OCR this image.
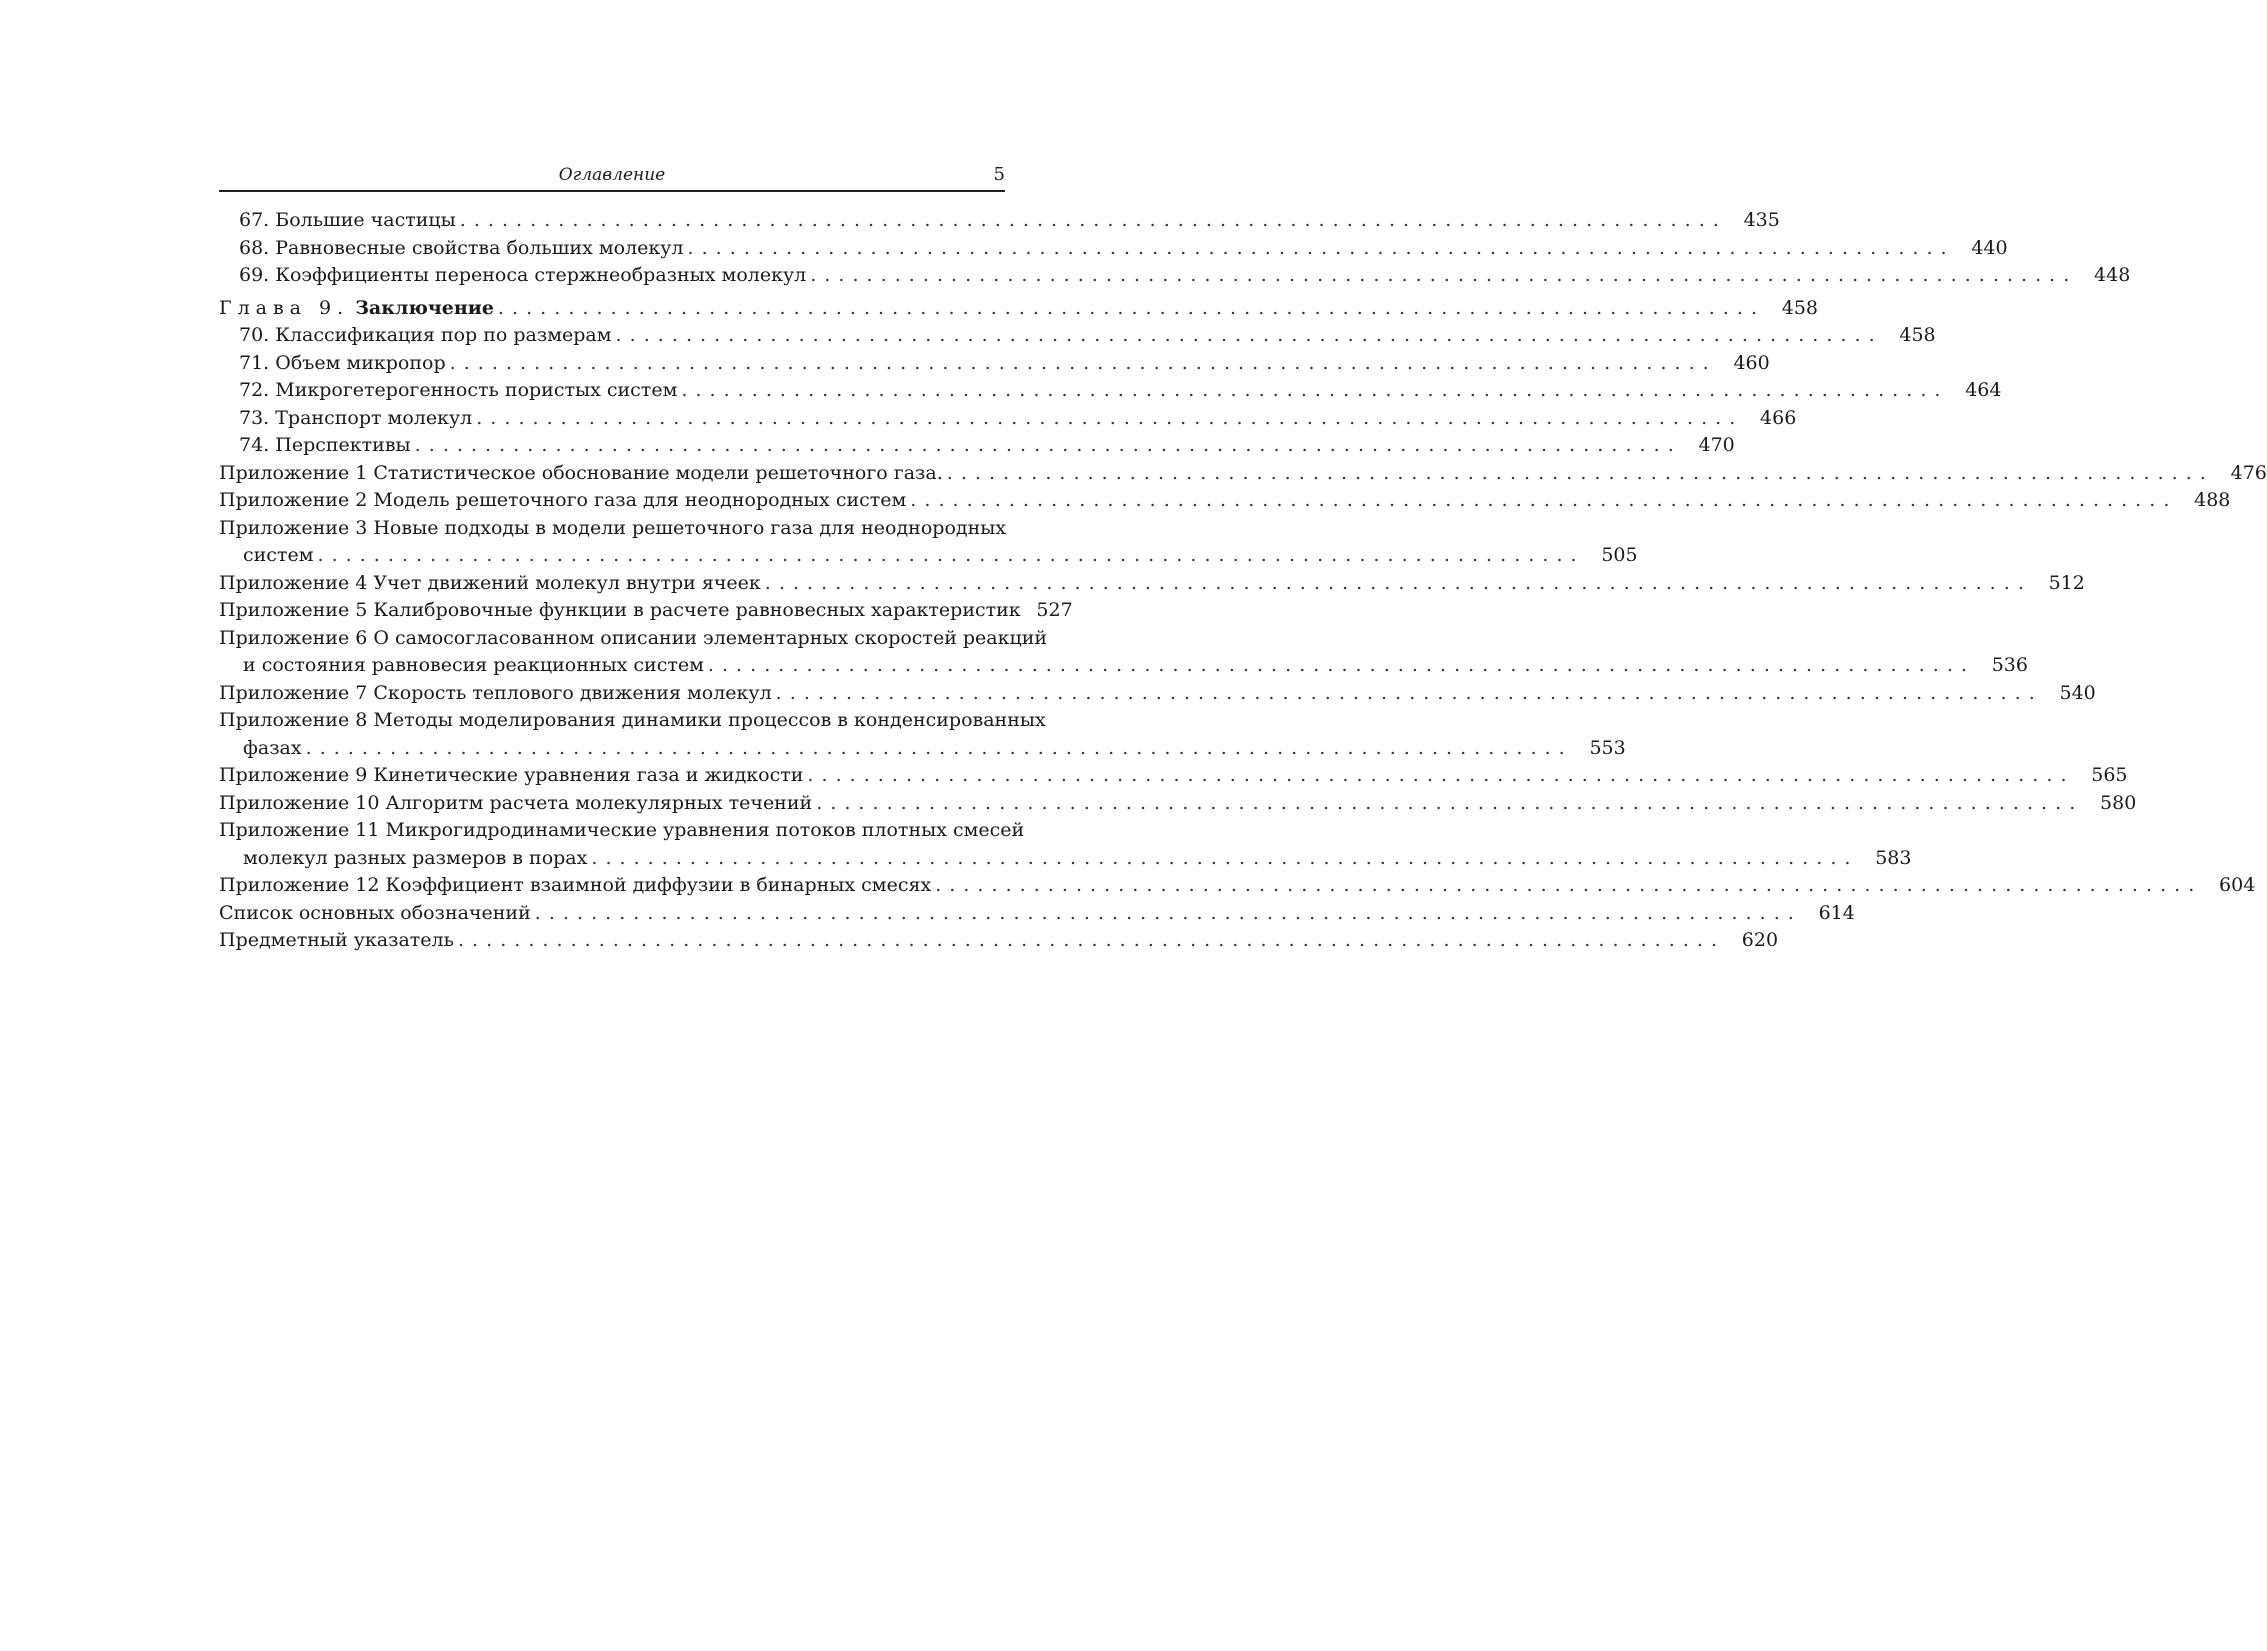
Оглавление	5
67. Большие частицы . . . . . . . . . . . . . . . . . . . . . . . . . . . . . . . . . . . . . . . . . . . . . . . . . . . . . . . . . . . . . . . . . . . . . . . . . . . . . . . . . . . . . . . . . .	435
68. Равновесные свойства больших молекул . . . . . . . . . . . . . . . . . . . . . . . . . . . . . . . . . . . . . . . . . . . . . . . . . . . . . . . . . . . . . . . . . . . . . . . . . . . . . . . . . . . . . . . . . .	440
69. Коэффициенты переноса стержнеобразных молекул . . . . . . . . . . . . . . . . . . . . . . . . . . . . . . . . . . . . . . . . . . . . . . . . . . . . . . . . . . . . . . . . . . . . . . . . . . . . . . . . . . . . . . . . . .	448
Глава 9. Заключение . . . . . . . . . . . . . . . . . . . . . . . . . . . . . . . . . . . . . . . . . . . . . . . . . . . . . . . . . . . . . . . . . . . . . . . . . . . . . . . . . . . . . . . . . .	458
70. Классификация пор по размерам . . . . . . . . . . . . . . . . . . . . . . . . . . . . . . . . . . . . . . . . . . . . . . . . . . . . . . . . . . . . . . . . . . . . . . . . . . . . . . . . . . . . . . . . . .	458
71. Объем микропор . . . . . . . . . . . . . . . . . . . . . . . . . . . . . . . . . . . . . . . . . . . . . . . . . . . . . . . . . . . . . . . . . . . . . . . . . . . . . . . . . . . . . . . . . .	460
72. Микрогетерогенность пористых систем . . . . . . . . . . . . . . . . . . . . . . . . . . . . . . . . . . . . . . . . . . . . . . . . . . . . . . . . . . . . . . . . . . . . . . . . . . . . . . . . . . . . . . . . . .	464
73. Транспорт молекул . . . . . . . . . . . . . . . . . . . . . . . . . . . . . . . . . . . . . . . . . . . . . . . . . . . . . . . . . . . . . . . . . . . . . . . . . . . . . . . . . . . . . . . . . .	466
74. Перспективы . . . . . . . . . . . . . . . . . . . . . . . . . . . . . . . . . . . . . . . . . . . . . . . . . . . . . . . . . . . . . . . . . . . . . . . . . . . . . . . . . . . . . . . . . .	470
Приложение 1 Статистическое обоснование модели решеточного газа. . . . . . . . . . . . . . . . . . . . . . . . . . . . . . . . . . . . . . . . . . . . . . . . . . . . . . . . . . . . . . . . . . . . . . . . . . . . . . . . . . . . . . . . . . .	476
Приложение 2 Модель решеточного газа для неоднородных систем . . . . . . . . . . . . . . . . . . . . . . . . . . . . . . . . . . . . . . . . . . . . . . . . . . . . . . . . . . . . . . . . . . . . . . . . . . . . . . . . . . . . . . . . . .	488
Приложение 3 Новые подходы в модели решеточного газа для неоднородных
систем . . . . . . . . . . . . . . . . . . . . . . . . . . . . . . . . . . . . . . . . . . . . . . . . . . . . . . . . . . . . . . . . . . . . . . . . . . . . . . . . . . . . . . . . . .	505
Приложение 4 Учет движений молекул внутри ячеек . . . . . . . . . . . . . . . . . . . . . . . . . . . . . . . . . . . . . . . . . . . . . . . . . . . . . . . . . . . . . . . . . . . . . . . . . . . . . . . . . . . . . . . . . .	512
Приложение 5 Калибровочные функции в расчете равновесных характеристик 527
Приложение 6 О самосогласованном описании элементарных скоростей реакций
и состояния равновесия реакционных систем . . . . . . . . . . . . . . . . . . . . . . . . . . . . . . . . . . . . . . . . . . . . . . . . . . . . . . . . . . . . . . . . . . . . . . . . . . . . . . . . . . . . . . . . . .	536
Приложение 7 Скорость теплового движения молекул . . . . . . . . . . . . . . . . . . . . . . . . . . . . . . . . . . . . . . . . . . . . . . . . . . . . . . . . . . . . . . . . . . . . . . . . . . . . . . . . . . . . . . . . . .	540
Приложение 8 Методы моделирования динамики процессов в конденсированных
фазах . . . . . . . . . . . . . . . . . . . . . . . . . . . . . . . . . . . . . . . . . . . . . . . . . . . . . . . . . . . . . . . . . . . . . . . . . . . . . . . . . . . . . . . . . .	553
Приложение 9 Кинетические уравнения газа и жидкости . . . . . . . . . . . . . . . . . . . . . . . . . . . . . . . . . . . . . . . . . . . . . . . . . . . . . . . . . . . . . . . . . . . . . . . . . . . . . . . . . . . . . . . . . .	565
Приложение 10 Алгоритм расчета молекулярных течений . . . . . . . . . . . . . . . . . . . . . . . . . . . . . . . . . . . . . . . . . . . . . . . . . . . . . . . . . . . . . . . . . . . . . . . . . . . . . . . . . . . . . . . . . .	580
Приложение 11 Микрогидродинамические уравнения потоков плотных смесей
молекул разных размеров в порах . . . . . . . . . . . . . . . . . . . . . . . . . . . . . . . . . . . . . . . . . . . . . . . . . . . . . . . . . . . . . . . . . . . . . . . . . . . . . . . . . . . . . . . . . .	583
Приложение 12 Коэффициент взаимной диффузии в бинарных смесях . . . . . . . . . . . . . . . . . . . . . . . . . . . . . . . . . . . . . . . . . . . . . . . . . . . . . . . . . . . . . . . . . . . . . . . . . . . . . . . . . . . . . . . . . .	604
Список основных обозначений . . . . . . . . . . . . . . . . . . . . . . . . . . . . . . . . . . . . . . . . . . . . . . . . . . . . . . . . . . . . . . . . . . . . . . . . . . . . . . . . . . . . . . . . . .	614
Предметный указатель . . . . . . . . . . . . . . . . . . . . . . . . . . . . . . . . . . . . . . . . . . . . . . . . . . . . . . . . . . . . . . . . . . . . . . . . . . . . . . . . . . . . . . . . . .	620
